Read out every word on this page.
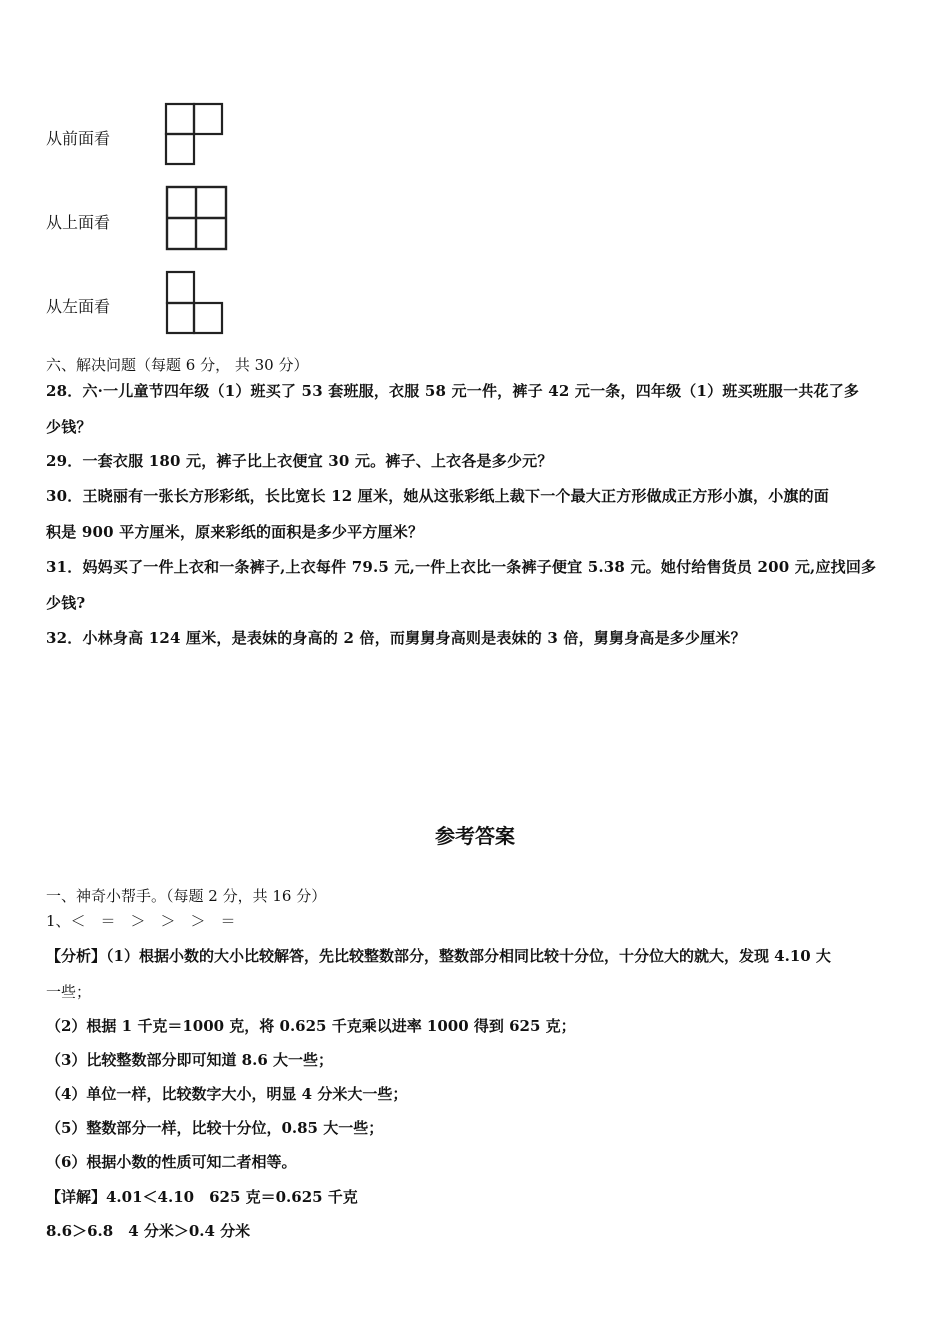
从前面看
从上面看
从左面看
六、解决问题（每题 6 分， 共 30 分）
28．六·一儿童节四年级（1）班买了 53 套班服，衣服 58 元一件，裤子 42 元一条，四年级（1）班买班服一共花了多
少钱？
29．一套衣服 180 元，裤子比上衣便宜 30 元。裤子、上衣各是多少元？
30．王晓丽有一张长方形彩纸，长比宽长 12 厘米，她从这张彩纸上裁下一个最大正方形做成正方形小旗，小旗的面
积是 900 平方厘米，原来彩纸的面积是多少平方厘米？
31．妈妈买了一件上衣和一条裤子,上衣每件 79.5 元,一件上衣比一条裤子便宜 5.38 元。她付给售货员 200 元,应找回多
少钱?
32．小林身高 124 厘米，是表妹的身高的 2 倍，而舅舅身高则是表妹的 3 倍，舅舅身高是多少厘米？
参考答案
一、神奇小帮手。（每题 2 分，共 16 分）
1、＜　＝　＞　＞　＞　＝
【分析】（1）根据小数的大小比较解答，先比较整数部分，整数部分相同比较十分位，十分位大的就大，发现 4.10 大
一些；
（2）根据 1 千克＝1000 克，将 0.625 千克乘以进率 1000 得到 625 克；
（3）比较整数部分即可知道 8.6 大一些；
（4）单位一样，比较数字大小，明显 4 分米大一些；
（5）整数部分一样，比较十分位，0.85 大一些；
（6）根据小数的性质可知二者相等。
【详解】4.01＜4.10　625 克＝0.625 千克
8.6＞6.8　4 分米＞0.4 分米
